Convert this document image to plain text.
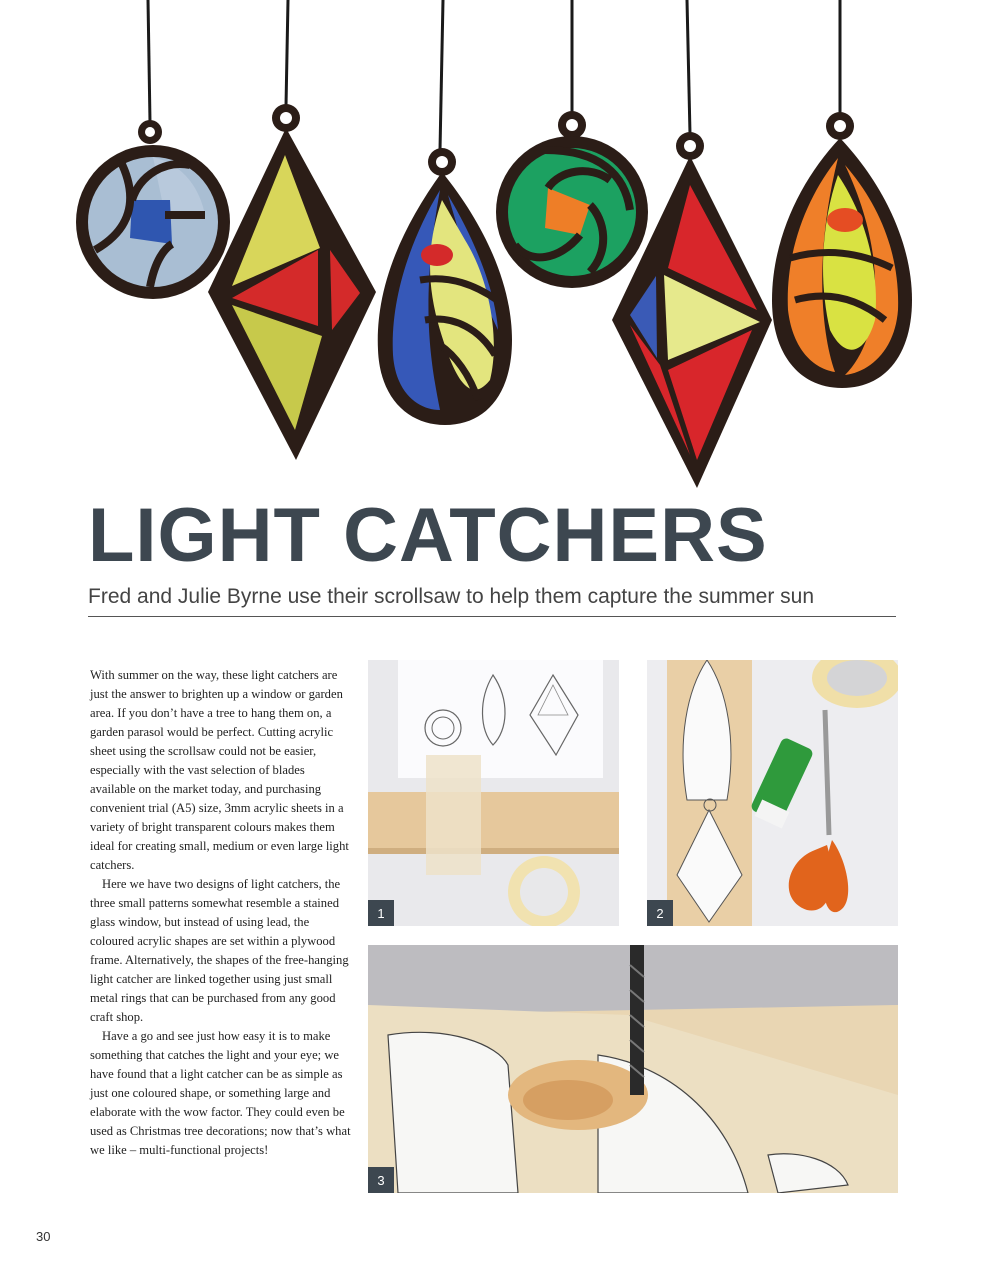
LIGHT CATCHERS

Fred and Julie Byrne use their scrollsaw to help them capture the summer sun

With summer on the way, these light catchers are just the answer to brighten up a window or garden area. If you don’t have a tree to hang them on, a garden parasol would be perfect. Cutting acrylic sheet using the scrollsaw could not be easier, especially with the vast selection of blades available on the market today, and purchasing convenient trial (A5) size, 3mm acrylic sheets in a variety of bright transparent colours makes them ideal for creating small, medium or even large light catchers.

Here we have two designs of light catchers, the three small patterns somewhat resemble a stained glass window, but instead of using lead, the coloured acrylic shapes are set within a plywood frame. Alternatively, the shapes of the free-hanging light catcher are linked together using just small metal rings that can be purchased from any good craft shop.

Have a go and see just how easy it is to make something that catches the light and your eye; we have found that a light catcher can be as simple as just one coloured shape, or something large and elaborate with the wow factor. They could even be used as Christmas tree decorations; now that’s what we like – multi-functional projects!

1	2
3
30
